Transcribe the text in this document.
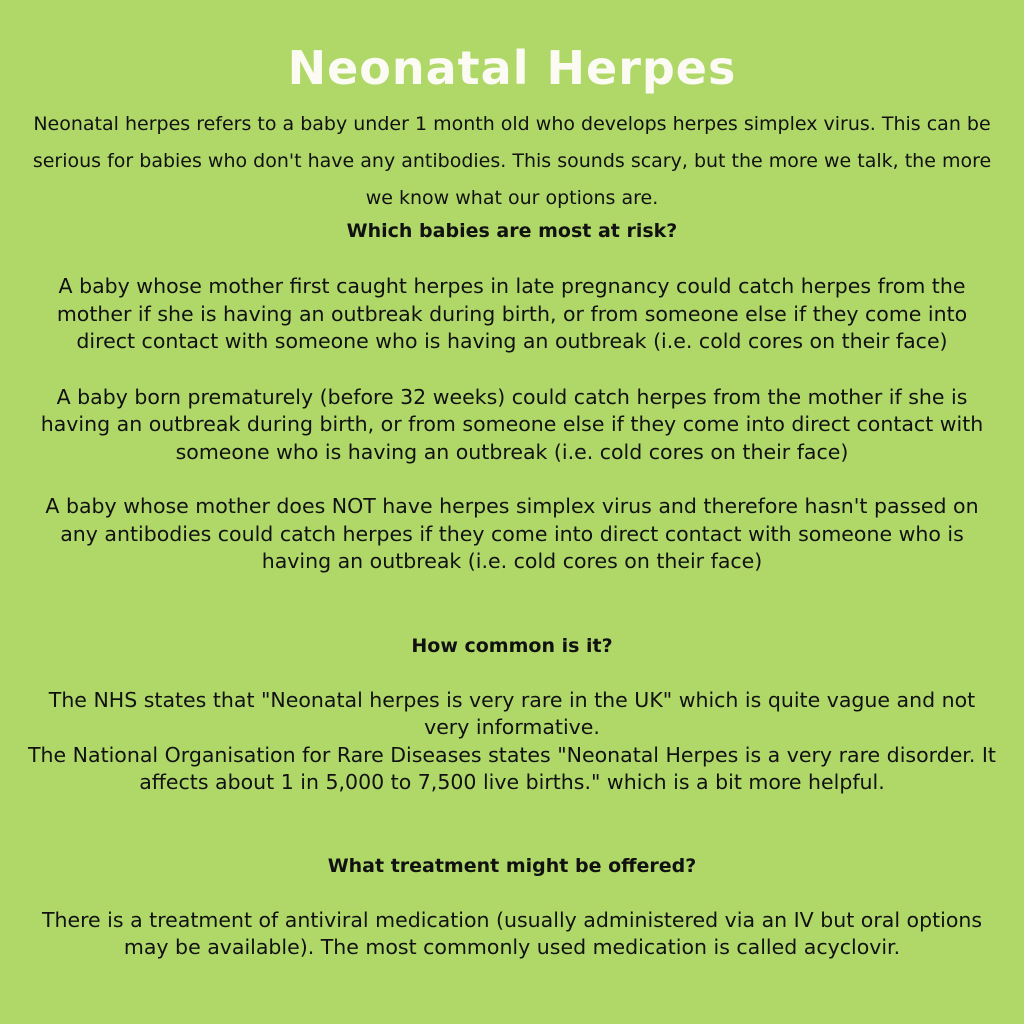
Neonatal Herpes

Neonatal herpes refers to a baby under 1 month old who develops herpes simplex virus. This can be serious for babies who don't have any antibodies. This sounds scary, but the more we talk, the more we know what our options are.

Which babies are most at risk?

A baby whose mother first caught herpes in late pregnancy could catch herpes from the mother if she is having an outbreak during birth, or from someone else if they come into direct contact with someone who is having an outbreak (i.e. cold cores on their face)

A baby born prematurely (before 32 weeks) could catch herpes from the mother if she is having an outbreak during birth, or from someone else if they come into direct contact with someone who is having an outbreak (i.e. cold cores on their face)

A baby whose mother does NOT have herpes simplex virus and therefore hasn't passed on any antibodies could catch herpes if they come into direct contact with someone who is having an outbreak (i.e. cold cores on their face)

How common is it?

The NHS states that "Neonatal herpes is very rare in the UK" which is quite vague and not very informative.

The National Organisation for Rare Diseases states "Neonatal Herpes is a very rare disorder. It affects about 1 in 5,000 to 7,500 live births." which is a bit more helpful.

What treatment might be offered?

There is a treatment of antiviral medication (usually administered via an IV but oral options may be available). The most commonly used medication is called acyclovir.
